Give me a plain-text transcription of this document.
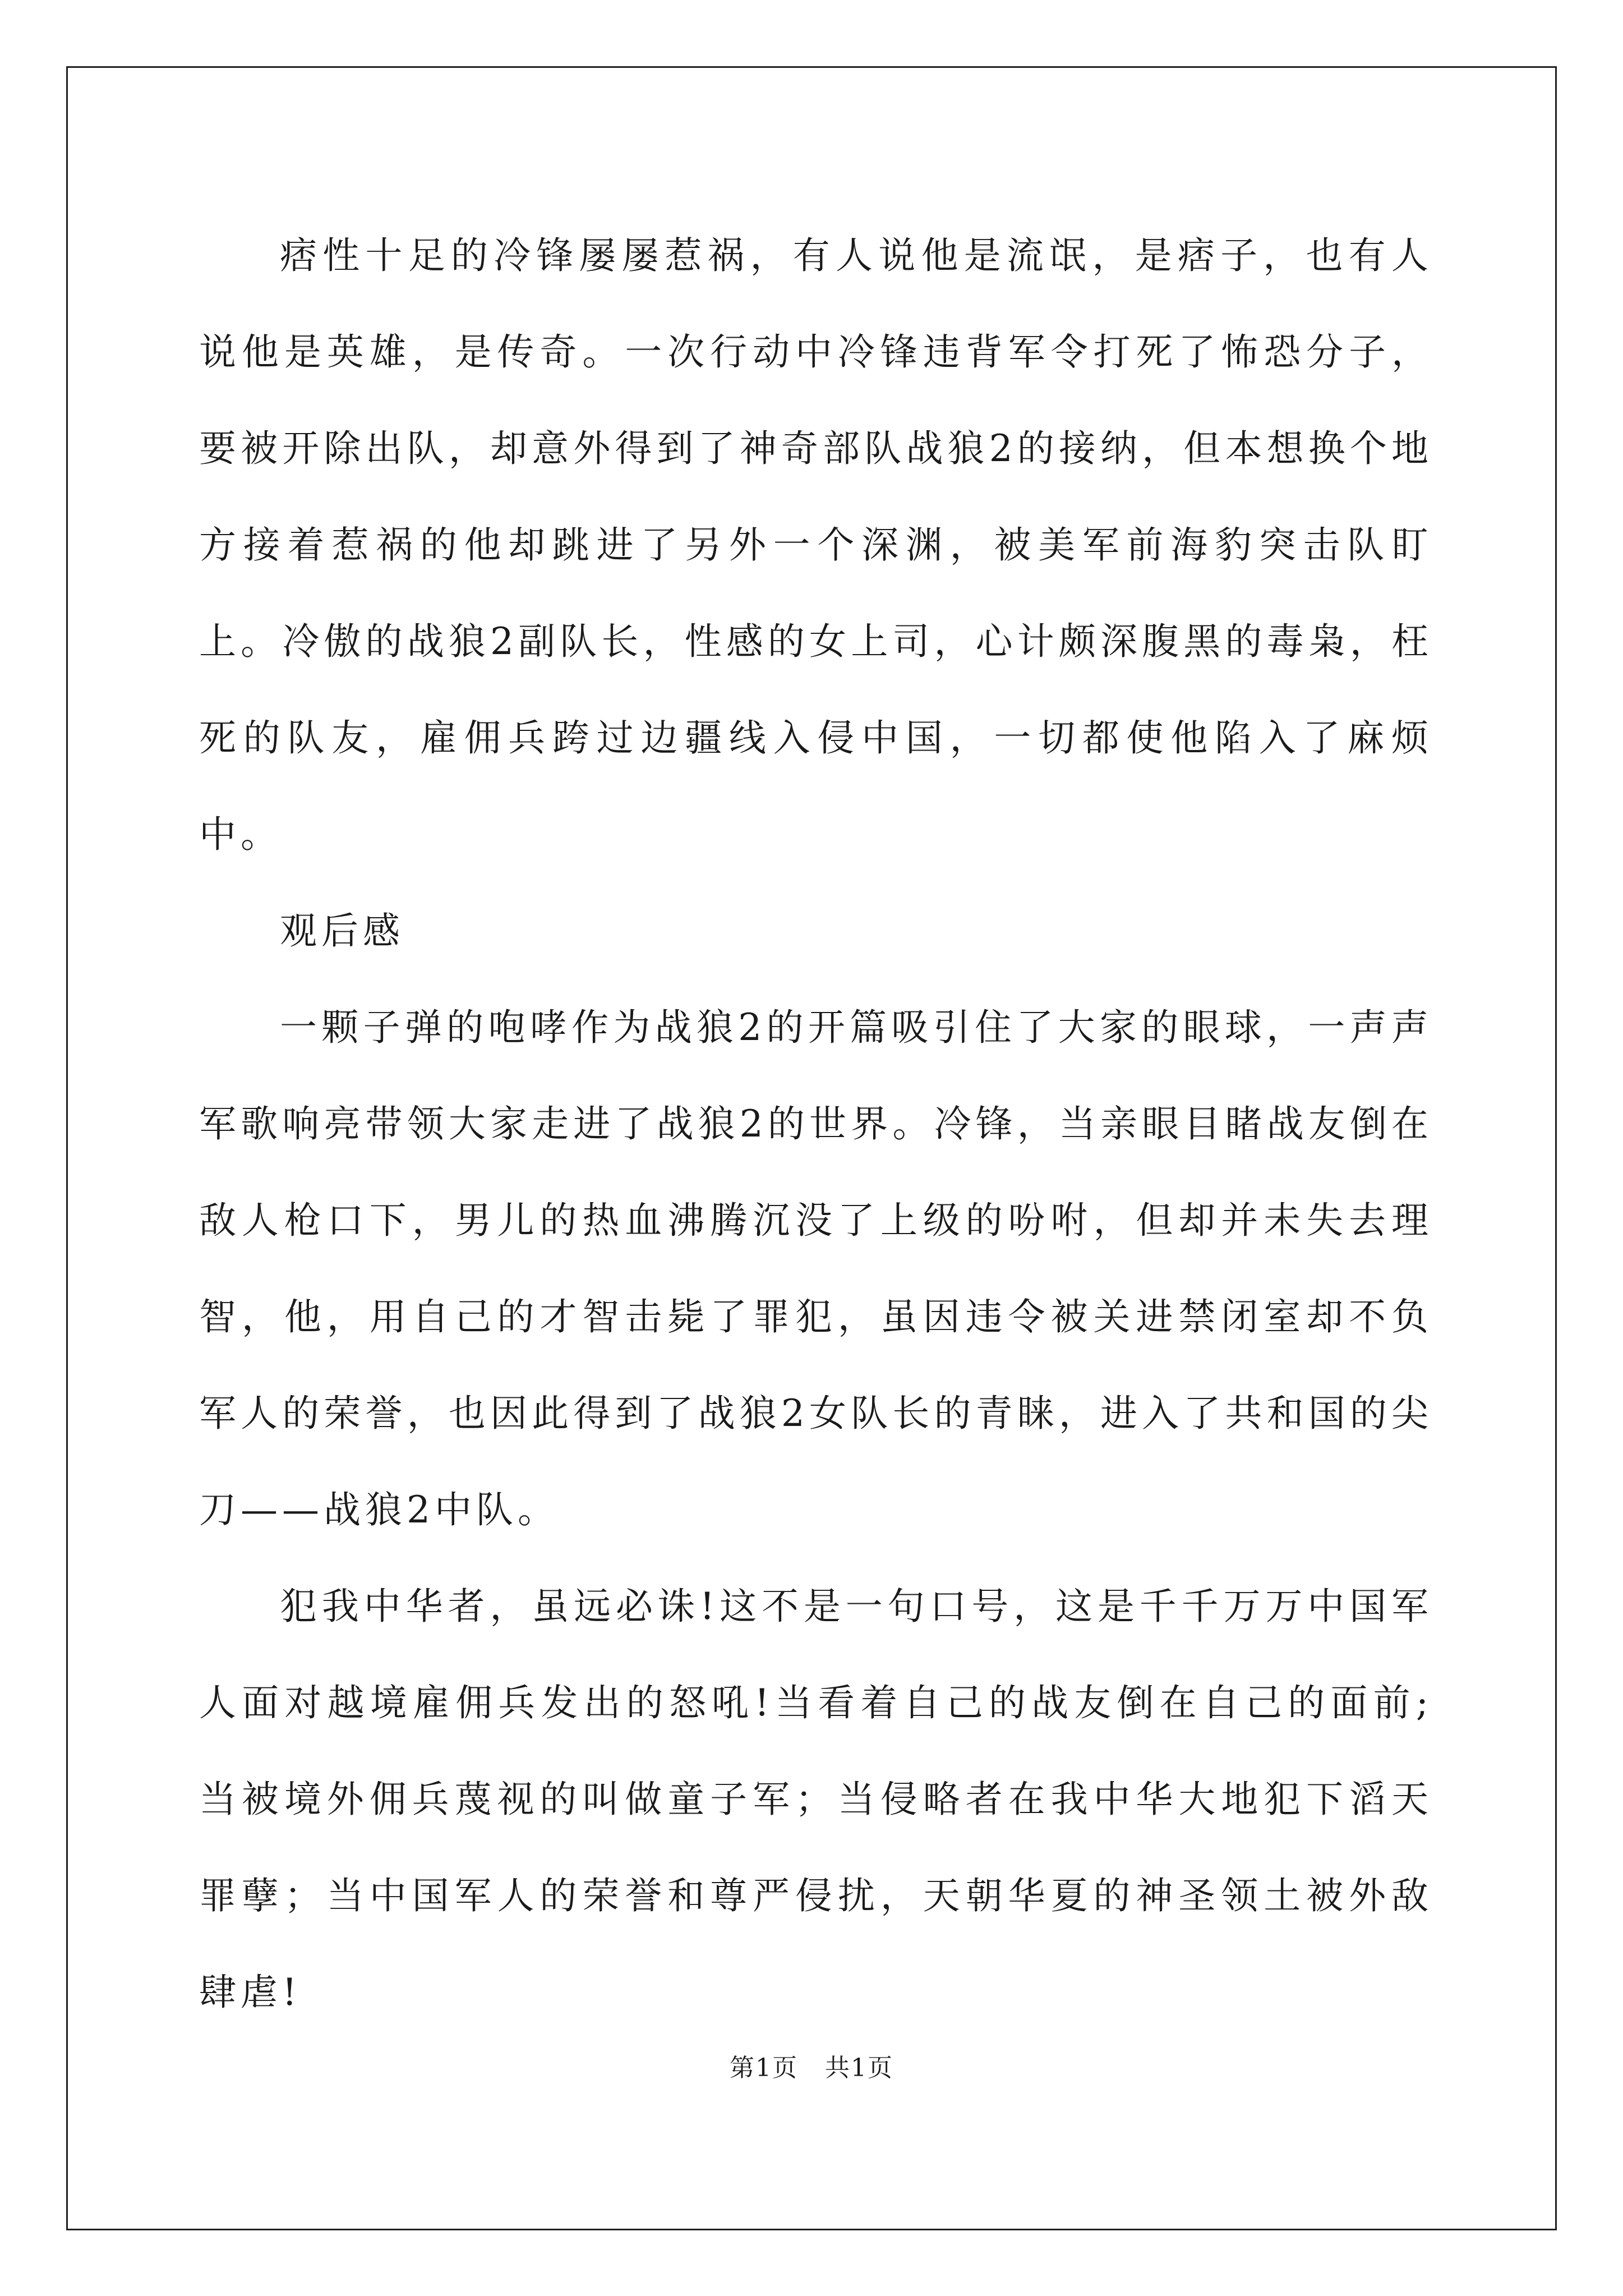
痞性十足的冷锋屡屡惹祸，有人说他是流氓，是痞子，也有人说他是英雄，是传奇。一次行动中冷锋违背军令打死了怖恐分子，要被开除出队，却意外得到了神奇部队战狼2的接纳，但本想换个地方接着惹祸的他却跳进了另外一个深渊，被美军前海豹突击队盯上。冷傲的战狼2副队长，性感的女上司，心计颇深腹黑的毒枭，枉死的队友，雇佣兵跨过边疆线入侵中国，一切都使他陷入了麻烦中。

观后感

一颗子弹的咆哮作为战狼2的开篇吸引住了大家的眼球，一声声军歌响亮带领大家走进了战狼2的世界。冷锋，当亲眼目睹战友倒在敌人枪口下，男儿的热血沸腾沉没了上级的吩咐，但却并未失去理智，他，用自己的才智击毙了罪犯，虽因违令被关进禁闭室却不负军人的荣誉，也因此得到了战狼2女队长的青睐，进入了共和国的尖刀——战狼2中队。

犯我中华者，虽远必诛!这不是一句口号，这是千千万万中国军人面对越境雇佣兵发出的怒吼!当看着自己的战友倒在自己的面前;当被境外佣兵蔑视的叫做童子军；当侵略者在我中华大地犯下滔天罪孽；当中国军人的荣誉和尊严侵扰，天朝华夏的神圣领土被外敌肆虐!

第1页 共1页
